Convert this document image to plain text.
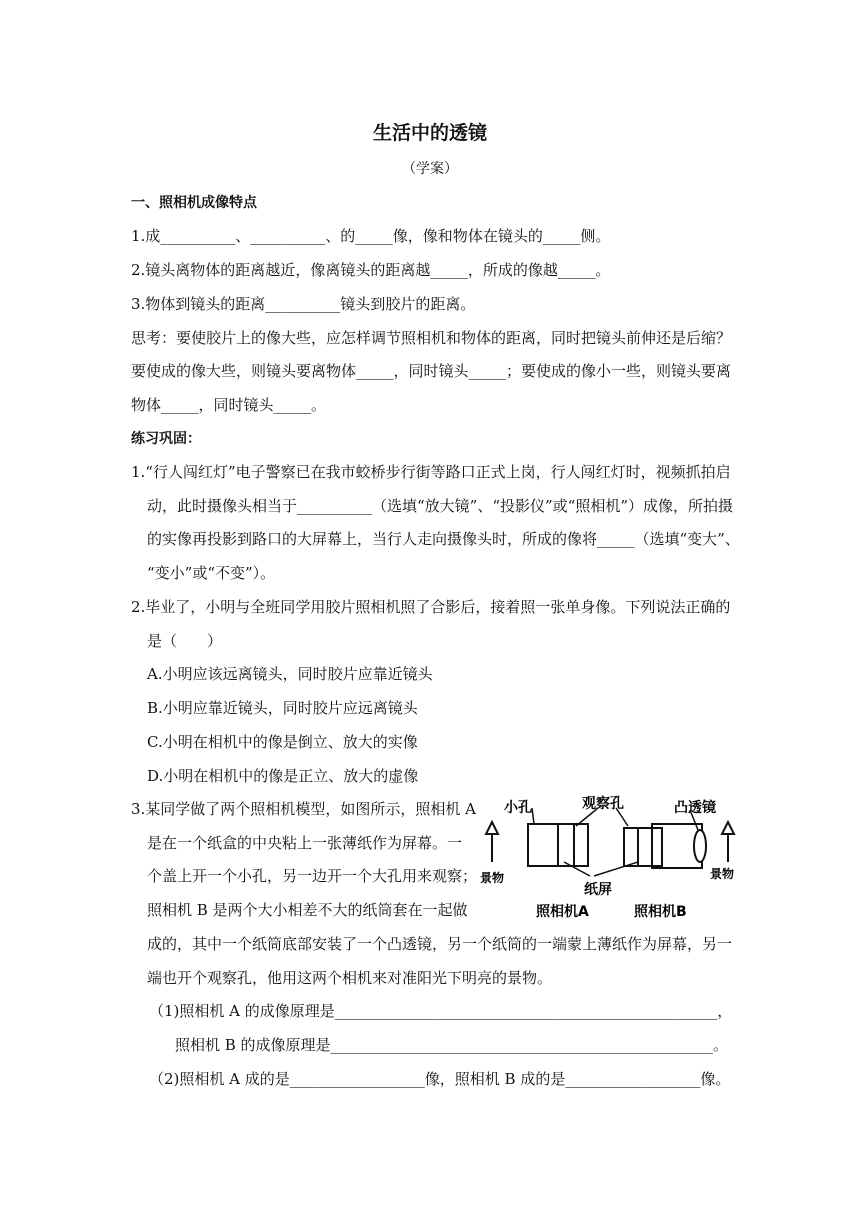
生活中的透镜
（学案）
一、照相机成像特点
1.成__________、__________、的_____像，像和物体在镜头的_____侧。
2.镜头离物体的距离越近，像离镜头的距离越_____，所成的像越_____。
3.物体到镜头的距离__________镜头到胶片的距离。
思考：要使胶片上的像大些，应怎样调节照相机和物体的距离，同时把镜头前伸还是后缩？
要使成的像大些，则镜头要离物体_____，同时镜头_____；要使成的像小一些，则镜头要离
物体_____，同时镜头_____。
练习巩固：
1.“行人闯红灯”电子警察已在我市蛟桥步行街等路口正式上岗，行人闯红灯时，视频抓拍启
动，此时摄像头相当于__________（选填“放大镜”、“投影仪”或“照相机”）成像，所拍摄
的实像再投影到路口的大屏幕上，当行人走向摄像头时，所成的像将_____（选填“变大”、
“变小”或“不变”）。
2.毕业了，小明与全班同学用胶片照相机照了合影后，接着照一张单身像。下列说法正确的
是（　　）
A.小明应该远离镜头，同时胶片应靠近镜头
B.小明应靠近镜头，同时胶片应远离镜头
C.小明在相机中的像是倒立、放大的实像
D.小明在相机中的像是正立、放大的虚像
3.某同学做了两个照相机模型，如图所示，照相机 A
是在一个纸盒的中央粘上一张薄纸作为屏幕。一
个盖上开一个小孔，另一边开一个大孔用来观察；
照相机 B 是两个大小相差不大的纸筒套在一起做
成的，其中一个纸筒底部安装了一个凸透镜，另一个纸筒的一端蒙上薄纸作为屏幕，另一
端也开个观察孔，他用这两个相机来对准阳光下明亮的景物。
（1)照相机 A 的成像原理是___________________________________________________，
照相机 B 的成像原理是___________________________________________________。
（2)照相机 A 成的是__________________像，照相机 B 成的是__________________像。
小孔	观察孔	凸透镜
景物	景物
纸屏
照相机A	照相机B
